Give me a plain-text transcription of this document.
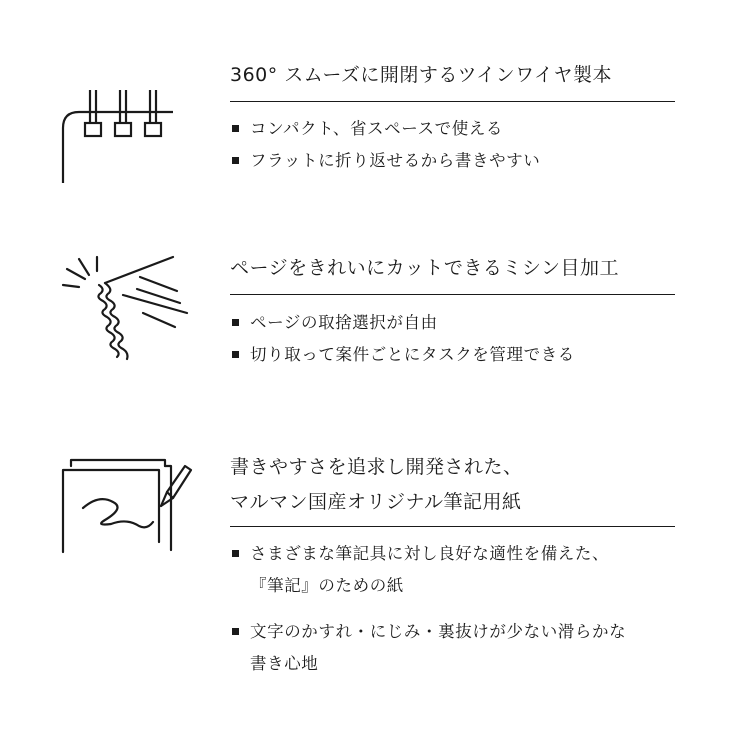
360° スムーズに開閉するツインワイヤ製本
コンパクト、省スペースで使える
フラットに折り返せるから書きやすい
ページをきれいにカットできるミシン目加工
ページの取捨選択が自由
切り取って案件ごとにタスクを管理できる
書きやすさを追求し開発された、
マルマン国産オリジナル筆記用紙
さまざまな筆記具に対し良好な適性を備えた、
『筆記』のための紙
文字のかすれ・にじみ・裏抜けが少ない滑らかな
書き心地
